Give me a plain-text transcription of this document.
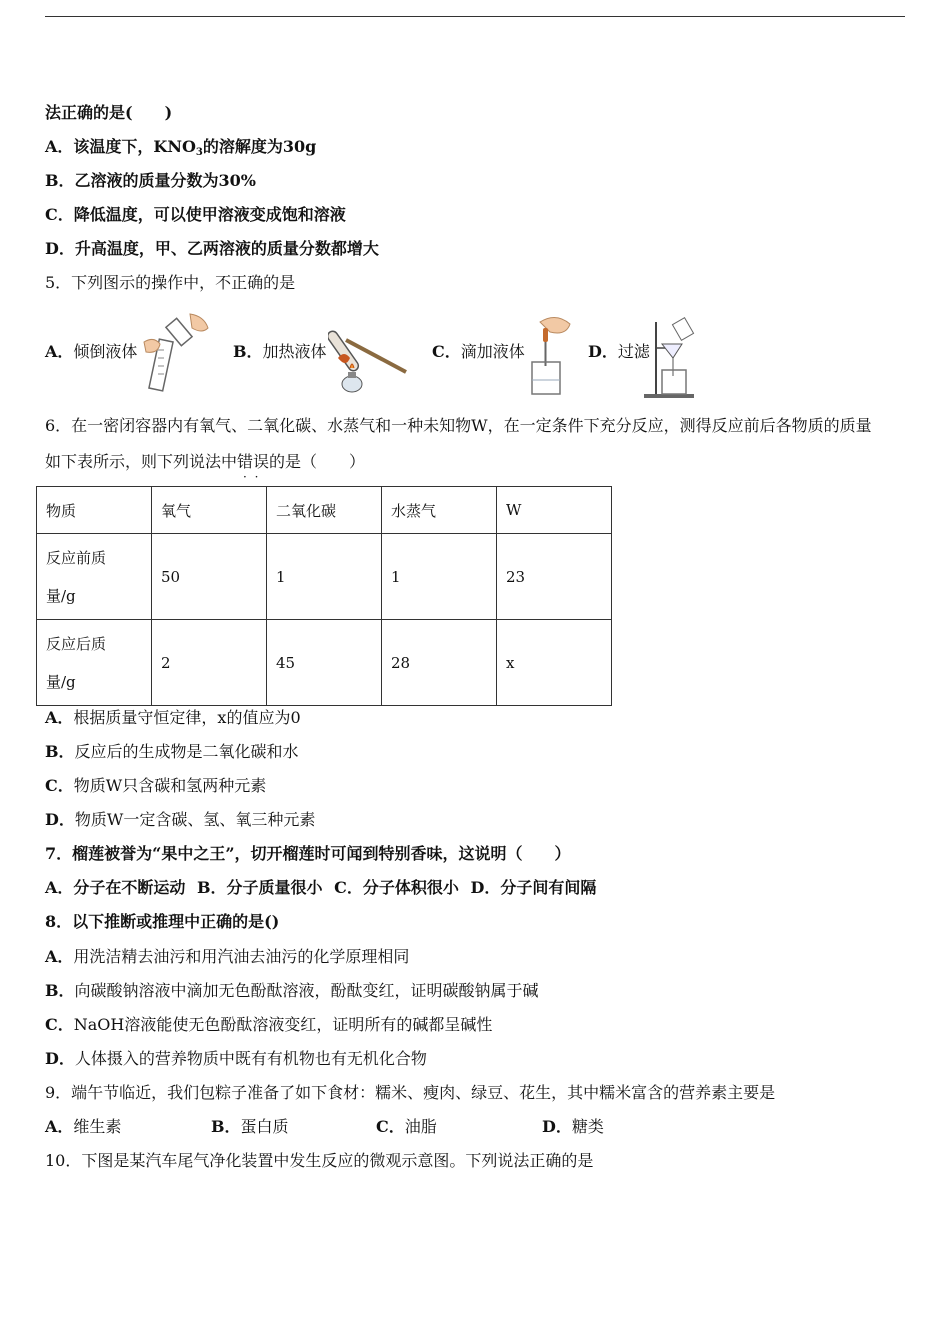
法正确的是(　　)
A．该温度下，$KNO_3$的溶解度为30g
B．乙溶液的质量分数为30%
C．降低温度，可以使甲溶液变成饱和溶液
D．升高温度，甲、乙两溶液的质量分数都增大
5．下列图示的操作中，不正确的是
A．倾倒液体	B．加热液体	C．滴加液体	D．过滤
6．在一密闭容器内有氧气、二氧化碳、水蒸气和一种未知物W，在一定条件下充分反应，测得反应前后各物质的质量
如下表所示，则下列说法中错误 · ·的是（　　）
物质	氧气	二氧化碳	水蒸气	W

反应前质
量/g	50	1	1	23

反应后质
量/g	2	45	28	x
A．根据质量守恒定律，x的值应为0
B．反应后的生成物是二氧化碳和水
C．物质W只含碳和氢两种元素
D．物质W一定含碳、氢、氧三种元素
7．榴莲被誉为“果中之王”，切开榴莲时可闻到特别香味，这说明（　　）
A．分子在不断运动 B．分子质量很小 C．分子体积很小 D．分子间有间隔
8．以下推断或推理中正确的是()
A．用洗洁精去油污和用汽油去油污的化学原理相同
B．向碳酸钠溶液中滴加无色酚酞溶液，酚酞变红，证明碳酸钠属于碱
C．NaOH溶液能使无色酚酞溶液变红，证明所有的碱都呈碱性
D．人体摄入的营养物质中既有有机物也有无机化合物
9．端午节临近，我们包粽子准备了如下食材：糯米、瘦肉、绿豆、花生，其中糯米富含的营养素主要是
A．维生素	B．蛋白质	C．油脂	D．糖类
10．下图是某汽车尾气净化装置中发生反应的微观示意图。下列说法正确的是
